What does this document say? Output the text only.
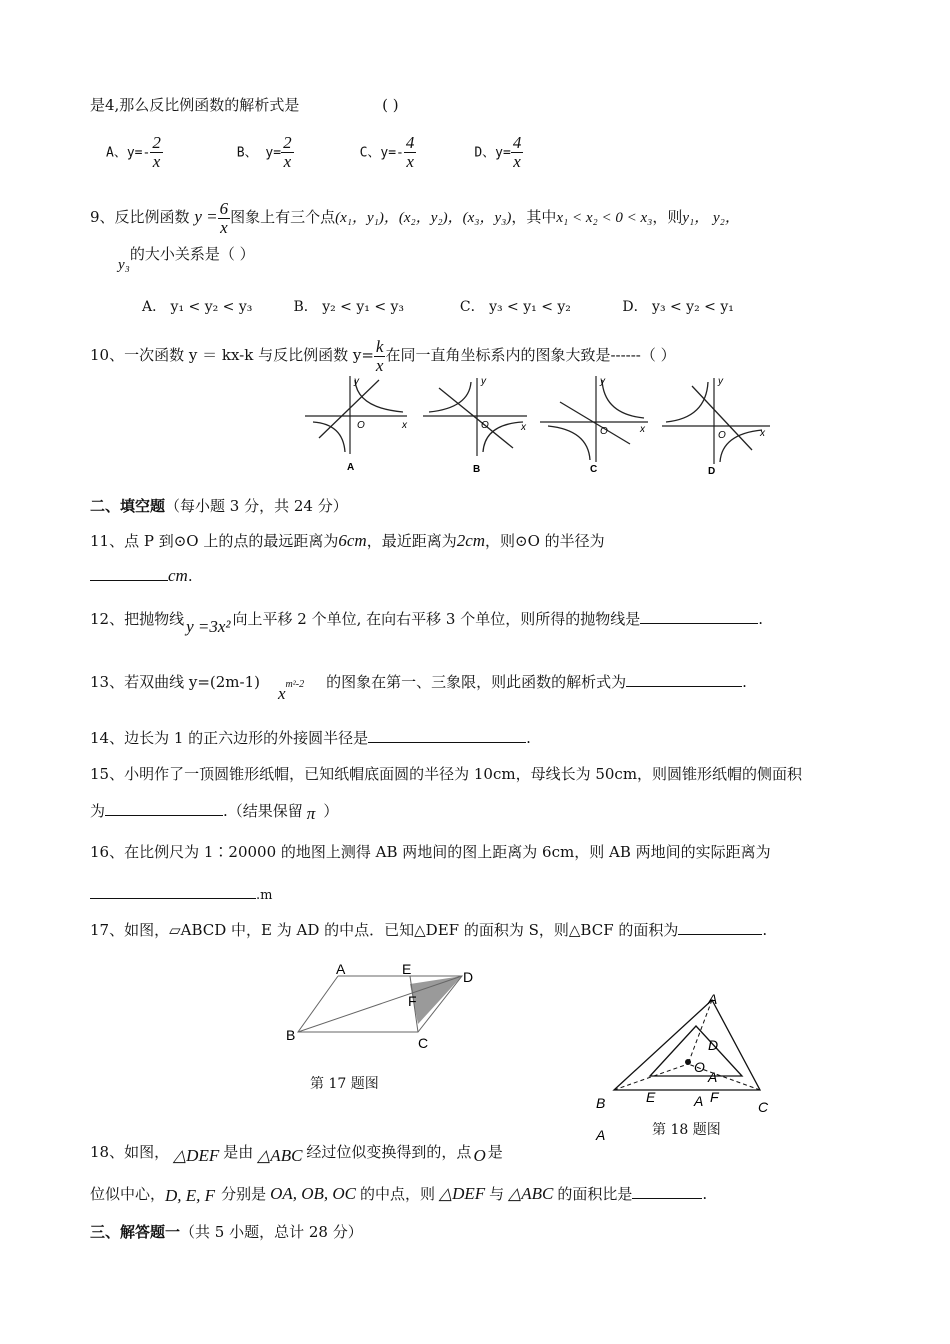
是4,那么反比例函数的解析式是	( )
A、$y=- \frac{2}{x}$	B、 $y= \frac{2}{x}$	C、$y=- \frac{4}{x}$	D、$y= \frac{4}{x}$
9、反比例函数 $y = \frac{6}{x}$ 图象上有三个点(x₁，y₁)，(x₂，y₂)，(x₃，y₃)，其中x₁ < x₂ < 0 < x₃，则y₁， y₂，
y₃的大小关系是（ ）
A． y₁ < y₂ < y₃	B． y₂ < y₁ < y₃	C． y₃ < y₁ < y₂	D． y₃ < y₂ < y₁
10、一次函数 y ＝ kx-k 与反比例函数 $y= \frac{k}{x}$ 在同一直角坐标系内的图象大致是------（ ）
y
O	x
A
y
O	x
B
y
O	x
C
y
O	x
D
二、填空题（每小题 3 分，共 24 分）
11、点 P 到⊙O 上的点的最远距离为6cm，最近距离为2cm，则⊙O 的半径为
cm.
12、把抛物线 y =3x² 向上平移 2 个单位, 在向右平移 3 个单位，则所得的抛物线是	.
13、若双曲线 $y=(2m-1)x^{m^2-2}$ 的图象在第一、三象限，则此函数的解析式为	.
14、边长为 1 的正六边形的外接圆半径是	.
15、小明作了一顶圆锥形纸帽，已知纸帽底面圆的半径为 10cm，母线长为 50cm，则圆锥形纸帽的侧面积
为	.（结果保留 π ）
16、在比例尺为 1∶20000 的地图上测得 AB 两地间的图上距离为 6cm，则 AB 两地间的实际距离为
.m
17、如图，▱ABCD 中，E 为 AD 的中点．已知△DEF 的面积为 S，则△BCF 的面积为	.
A	E	D
F
B	C
第 17 题图
A
D
O
A
E	A F
B	C
A	第 18 题图
18、如图， △DEF 是由 △ABC 经过位似变换得到的，点 O 是
位似中心，D, E, F 分别是 OA, OB, OC 的中点，则 △DEF 与 △ABC 的面积比是	.
三、解答题一（共 5 小题，总计 28 分）
